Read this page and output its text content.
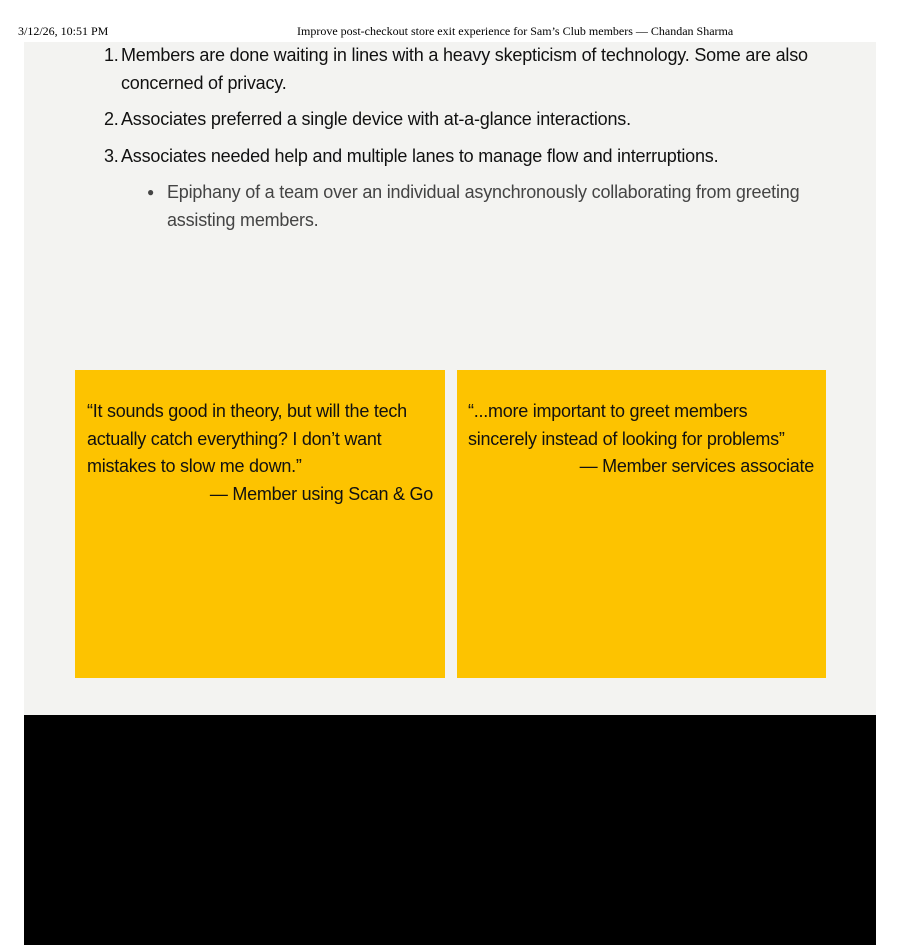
3/12/26, 10:51 PM	Improve post-checkout store exit experience for Sam’s Club members — Chandan Sharma
1. Members are done waiting in lines with a heavy skepticism of technology. Some are also concerned of privacy.
2. Associates preferred a single device with at-a-glance interactions.
3. Associates needed help and multiple lanes to manage flow and interruptions.
● Epiphany of a team over an individual asynchronously collaborating from greeting assisting members.
“It sounds good in theory, but will the tech actually catch everything? I don’t want mistakes to slow me down.”
— Member using Scan & Go
“...more important to greet members sincerely instead of looking for problems”
— Member services associate
